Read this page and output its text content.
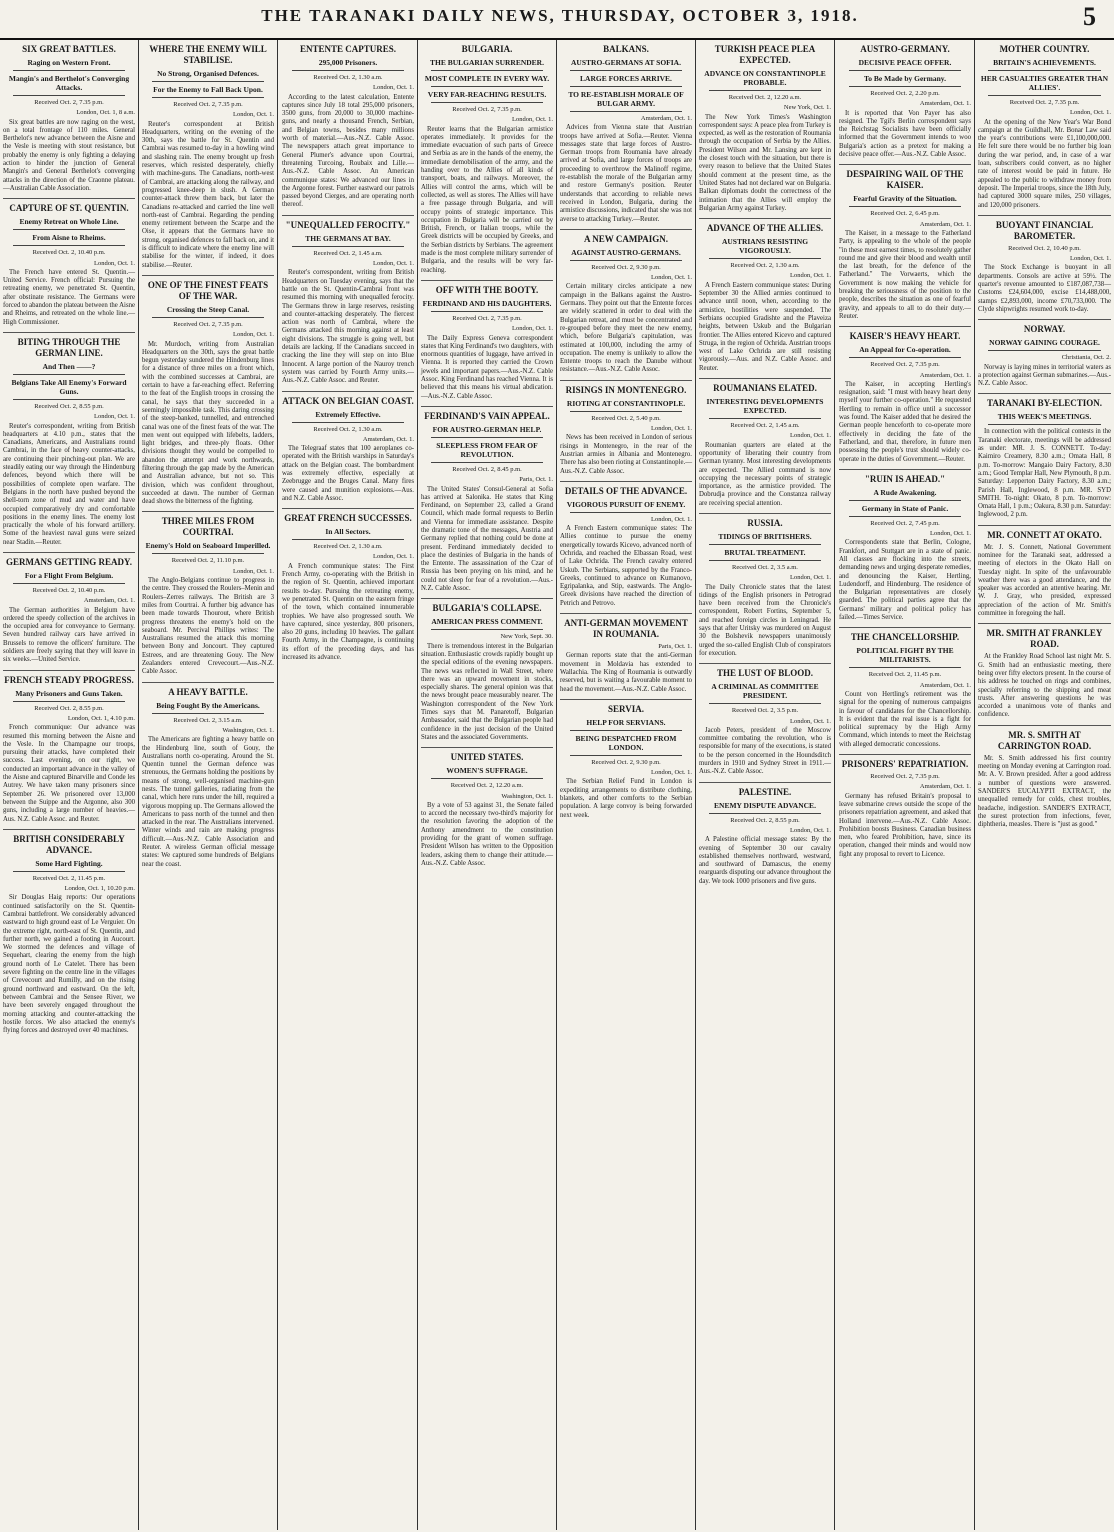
THE TARANAKI DAILY NEWS, THURSDAY, OCTOBER 3, 1918.	5
SIX GREAT BATTLES.
Raging on Western Front.
Mangin's and Berthelot's Converging Attacks.
Received Oct. 2, 7.35 p.m.
London, Oct. 1, 8 a.m.

Six great battles are now raging on the west, on a total frontage of 110 miles. General Berthelot's new advance between the Aisne and the Vesle is meeting with stout resistance, but probably the enemy is only fighting a delaying action to hinder the junction of General Mangin's and General Berthelot's converging attacks in the direction of the Craonne plateau.—Australian Cable Association.

CAPTURE OF ST. QUENTIN.
Enemy Retreat on Whole Line.
From Aisne to Rheims.
Received Oct. 2, 10.40 p.m.
London, Oct. 1.

The French have entered St. Quentin.—United Service. French official: Pursuing the retreating enemy, we penetrated St. Quentin, after obstinate resistance. The Germans were forced to abandon the plateau between the Aisne and Rheims, and retreated on the whole line.—High Commissioner.

BITING THROUGH THE GERMAN LINE.
And Then ——?
Belgians Take All Enemy's Forward Guns.
Received Oct. 2, 8.55 p.m.
London, Oct. 1.

Reuter's correspondent, writing from British headquarters at 4.10 p.m., states that the Canadians, Americans, and Australians round Cambrai, in the face of heavy counter-attacks, are continuing their pinching-out plan. We are steadily eating our way through the Hindenburg defences, beyond which there will be possibilities of complete open warfare. The Belgians in the north have pushed beyond the shell-torn zone of mud and water and have occupied comparatively dry and comfortable positions in the enemy lines. The enemy lost practically the whole of his forward artillery. Some of the heaviest naval guns were seized near Stadin.—Reuter.

GERMANS GETTING READY.
For a Flight From Belgium.
Received Oct. 2, 10.40 p.m.
Amsterdam, Oct. 1.

The German authorities in Belgium have ordered the speedy collection of the archives in the occupied area for conveyance to Germany. Seven hundred railway cars have arrived in Brussels to remove the officers' furniture. The soldiers are freely saying that they will leave in six weeks.—United Service.

FRENCH STEADY PROGRESS.
Many Prisoners and Guns Taken.
Received Oct. 2, 8.55 p.m.
London, Oct. 1, 4.10 p.m.

French communique: Our advance was resumed this morning between the Aisne and the Vesle. In the Champagne our troops, pursuing their attacks, have completed their success. Last evening, on our right, we conducted an important advance in the valley of the Aisne and captured Binarville and Conde les Autrey. We have taken many prisoners since September 26. We prisonered over 13,000 between the Suippe and the Argonne, also 300 guns, including a large number of heavies.—Aus. N.Z. Cable Assoc. and Reuter.

BRITISH CONSIDERABLY ADVANCE.
Some Hard Fighting.
Received Oct. 2, 11.45 p.m.
London, Oct. 1, 10.20 p.m.

Sir Douglas Haig reports: Our operations continued satisfactorily on the St. Quentin-Cambrai battlefront. We considerably advanced eastward to high ground east of Le Verguier. On the extreme right, north-east of St. Quentin, and further north, we gained a footing in Aucourt. We stormed the defences and village of Sequehart, clearing the enemy from the high ground north of Le Catelet. There has been severe fighting on the centre line in the villages of Crevecourt and Rumilly, and on the rising ground northward and eastward. On the left, between Cambrai and the Sensee River, we have been severely engaged throughout the morning attacking and counter-attacking the hostile forces. We also attacked the enemy's flying forces and destroyed over 40 machines.

WHERE THE ENEMY WILL STABILISE.
No Strong, Organised Defences.
For the Enemy to Fall Back Upon.
Received Oct. 2, 7.35 p.m.
London, Oct. 1.

Reuter's correspondent at British Headquarters, writing on the evening of the 30th, says the battle for St. Quentin and Cambrai was resumed to-day in a howling wind and slashing rain. The enemy brought up fresh reserves, which resisted desperately, chiefly with machine-guns. The Canadians, north-west of Cambrai, are attacking along the railway, and progressed knee-deep in slush. A German counter-attack threw them back, but later the Canadians re-attacked and carried the line well north-east of Cambrai. Regarding the pending enemy retirement between the Scarpe and the Oise, it appears that the Germans have no strong, organised defences to fall back on, and it is difficult to indicate where the enemy line will stabilise for the winter, if indeed, it does stabilise.—Reuter.

ONE OF THE FINEST FEATS OF THE WAR.
Crossing the Steep Canal.
Received Oct. 2, 7.35 p.m.
London, Oct. 1.

Mr. Murdoch, writing from Australian Headquarters on the 30th, says the great battle begun yesterday sundered the Hindenburg lines for a distance of three miles on a front which, with the combined successes at Cambrai, are certain to have a far-reaching effect. Referring to the feat of the English troops in crossing the canal, he says that they succeeded in a seemingly impossible task. This daring crossing of the steep-banked, tunnelled, and entrenched canal was one of the finest feats of the war. The men went out equipped with lifebelts, ladders, light bridges, and three-ply floats. Other divisions thought they would be compelled to abandon the attempt and work northwards, filtering through the gap made by the American and Australian advance, but not so. This division, which was confident throughout, succeeded at dawn. The number of German dead shows the bitterness of the fighting.

THREE MILES FROM COURTRAI.
Enemy's Hold on Seaboard Imperilled.
Received Oct. 2, 11.10 p.m.
London, Oct. 1.

The Anglo-Belgians continue to progress in the centre. They crossed the Roulers–Menin and Roulers–Zerres railways. The British are 3 miles from Courtrai. A further big advance has been made towards Thourout, where British progress threatens the enemy's hold on the seaboard. Mr. Percival Phillips writes: The Australians resumed the attack this morning between Bony and Joncourt. They captured Estrees, and are threatening Gouy. The New Zealanders entered Crevecourt.—Aus.-N.Z. Cable Assoc.

A HEAVY BATTLE.
Being Fought By the Americans.
Received Oct. 2, 3.15 a.m.
Washington, Oct. 1.

The Americans are fighting a heavy battle on the Hindenburg line, south of Gouy, the Australians north co-operating. Around the St. Quentin tunnel the German defence was strenuous, the Germans holding the positions by means of strong, well-organised machine-gun nests. The tunnel galleries, radiating from the canal, which here runs under the hill, required a vigorous mopping up. The Germans allowed the Americans to pass north of the tunnel and then attacked in the rear. The Australians intervened. Winter winds and rain are making progress difficult.—Aus.-N.Z. Cable Association and Reuter. A wireless German official message states: We captured some hundreds of Belgians near the coast.

ENTENTE CAPTURES.
295,000 Prisoners.
Received Oct. 2, 1.30 a.m.
London, Oct. 1.

According to the latest calculation, Entente captures since July 18 total 295,000 prisoners, 3500 guns, from 20,000 to 30,000 machine-guns, and nearly a thousand French, Serbian, and Belgian towns, besides many millions worth of material.—Aus.-N.Z. Cable Assoc. The newspapers attach great importance to General Plumer's advance upon Courtrai, threatening Turcoing, Roubaix and Lille.—Aus.-N.Z. Cable Assoc. An American communique states: We advanced our lines in the Argonne forest. Further eastward our patrols passed beyond Cierges, and are operating north thereof.

"UNEQUALLED FEROCITY."
THE GERMANS AT BAY.
Received Oct. 2, 1.45 a.m.
London, Oct. 1.

Reuter's correspondent, writing from British Headquarters on Tuesday evening, says that the battle on the St. Quentin-Cambrai front was resumed this morning with unequalled ferocity. The Germans threw in large reserves, resisting and counter-attacking desperately. The fiercest action was north of Cambrai, where the Germans attacked this morning against at least eight divisions. The struggle is going well, but details are lacking. If the Canadians succeed in cracking the line they will step on into Blue Innocent. A large portion of the Nauroy trench system was carried by Fourth Army units.—Aus.-N.Z. Cable Assoc. and Reuter.

ATTACK ON BELGIAN COAST.
Extremely Effective.
Received Oct. 2, 1.30 a.m.
Amsterdam, Oct. 1.

The Telegraaf states that 100 aeroplanes co-operated with the British warships in Saturday's attack on the Belgian coast. The bombardment was extremely effective, especially at Zeebrugge and the Bruges Canal. Many fires were caused and munition explosions.—Aus. and N.Z. Cable Assoc.

GREAT FRENCH SUCCESSES.
In All Sectors.
Received Oct. 2, 1.30 a.m.
London, Oct. 1.

A French communique states: The First French Army, co-operating with the British in the region of St. Quentin, achieved important results to-day. Pursuing the retreating enemy, we penetrated St. Quentin on the eastern fringe of the town, which contained innumerable trophies. We have also progressed south. We have captured, since yesterday, 800 prisoners, also 20 guns, including 10 heavies. The gallant Fourth Army, in the Champagne, is continuing its effort of the preceding days, and has increased its advance.

BULGARIA.
THE BULGARIAN SURRENDER.
MOST COMPLETE IN EVERY WAY.
VERY FAR-REACHING RESULTS.
Received Oct. 2, 7.35 p.m.
London, Oct. 1.

Reuter learns that the Bulgarian armistice operates immediately. It provides for the immediate evacuation of such parts of Greece and Serbia as are in the hands of the enemy, the immediate demobilisation of the army, and the handing over to the Allies of all kinds of transport, boats, and railways. Moreover, the Allies will control the arms, which will be collected, as well as stores. The Allies will have a free passage through Bulgaria, and will occupy points of strategic importance. This occupation in Bulgaria will be carried out by British, French, or Italian troops, while the Greek districts will be occupied by Greeks, and the Serbian districts by Serbians. The agreement made is the most complete military surrender of Bulgaria, and the results will be very far-reaching.

OFF WITH THE BOOTY.
FERDINAND AND HIS DAUGHTERS.
Received Oct. 2, 7.35 p.m.
London, Oct. 1.

The Daily Express Geneva correspondent states that King Ferdinand's two daughters, with enormous quantities of luggage, have arrived in Vienna. It is reported they carried the Crown jewels and important papers.—Aus.-N.Z. Cable Assoc. King Ferdinand has reached Vienna. It is believed that this means his virtual abdication.—Aus.-N.Z. Cable Assoc.

FERDINAND'S VAIN APPEAL.
FOR AUSTRO-GERMAN HELP.
SLEEPLESS FROM FEAR OF REVOLUTION.
Received Oct. 2, 8.45 p.m.
Paris, Oct. 1.

The United States' Consul-General at Sofia has arrived at Salonika. He states that King Ferdinand, on September 23, called a Grand Council, which made formal requests to Berlin and Vienna for immediate assistance. Despite the dramatic tone of the messages, Austria and Germany replied that nothing could be done at present. Ferdinand immediately decided to place the destinies of Bulgaria in the hands of the Entente. The assassination of the Czar of Russia has been preying on his mind, and he could not sleep for fear of a revolution.—Aus.-N.Z. Cable Assoc.

BULGARIA'S COLLAPSE.
AMERICAN PRESS COMMENT.
New York, Sept. 30.

There is tremendous interest in the Bulgarian situation. Enthusiastic crowds rapidly bought up the special editions of the evening newspapers. The news was reflected in Wall Street, where there was an upward movement in stocks, especially shares. The general opinion was that the news brought peace measurably nearer. The Washington correspondent of the New York Times says that M. Panaretoff, Bulgarian Ambassador, said that the Bulgarian people had confidence in the just decision of the United States and the associated Governments.

UNITED STATES.
WOMEN'S SUFFRAGE.
Received Oct. 2, 12.20 a.m.
Washington, Oct. 1.

By a vote of 53 against 31, the Senate failed to accord the necessary two-third's majority for the resolution favoring the adoption of the Anthony amendment to the constitution providing for the grant of women suffrage. President Wilson has written to the Opposition leaders, asking them to change their attitude.—Aus.-N.Z. Cable Assoc.

BALKANS.
AUSTRO-GERMANS AT SOFIA.
LARGE FORCES ARRIVE.
TO RE-ESTABLISH MORALE OF BULGAR ARMY.
Amsterdam, Oct. 1.

Advices from Vienna state that Austrian troops have arrived at Sofia.—Reuter. Vienna messages state that large forces of Austro-German troops from Roumania have already arrived at Sofia, and large forces of troops are proceeding to overthrow the Malinoff regime, re-establish the morale of the Bulgarian army and restore Germany's position. Reuter understands that according to reliable news received in London, Bulgaria, during the armistice discussions, indicated that she was not averse to attacking Turkey.—Reuter.

A NEW CAMPAIGN.
AGAINST AUSTRO-GERMANS.
Received Oct. 2, 9.30 p.m.
London, Oct. 1.

Certain military circles anticipate a new campaign in the Balkans against the Austro-Germans. They point out that the Entente forces are widely scattered in order to deal with the Bulgarian retreat, and must be concentrated and re-grouped before they meet the new enemy, which, before Bulgaria's capitulation, was estimated at 100,000, including the army of occupation. The enemy is unlikely to allow the Entente troops to reach the Danube without resistance.—Aus.-N.Z. Cable Assoc.

RISINGS IN MONTENEGRO.
RIOTING AT CONSTANTINOPLE.
Received Oct. 2, 5.40 p.m.
London, Oct. 1.

News has been received in London of serious risings in Montenegro, in the rear of the Austrian armies in Albania and Montenegro. There has also been rioting at Constantinople.—Aus.-N.Z. Cable Assoc.

DETAILS OF THE ADVANCE.
VIGOROUS PURSUIT OF ENEMY.
London, Oct. 1.

A French Eastern communique states: The Allies continue to pursue the enemy energetically towards Kicevo, advanced north of Ochrida, and reached the Elbassan Road, west of Lake Ochrida. The French cavalry entered Uskub. The Serbians, supported by the Franco-Greeks, continued to advance on Kumanovo, Egripalanka, and Stip, eastwards. The Anglo-Greek divisions have reached the direction of Petrich and Petrovo.

ANTI-GERMAN MOVEMENT IN ROUMANIA.
Paris, Oct. 1.

German reports state that the anti-German movement in Moldavia has extended to Wallachia. The King of Roumania is outwardly reserved, but is waiting a favourable moment to head the movement.—Aus.-N.Z. Cable Assoc.

SERVIA.
HELP FOR SERVIANS.
BEING DESPATCHED FROM LONDON.
Received Oct. 2, 9.30 p.m.
London, Oct. 1.

The Serbian Relief Fund in London is expediting arrangements to distribute clothing, blankets, and other comforts to the Serbian population. A large convoy is being forwarded next week.

TURKISH PEACE PLEA EXPECTED.
ADVANCE ON CONSTANTINOPLE PROBABLE.
Received Oct. 2, 12.20 a.m.
New York, Oct. 1.

The New York Times's Washington correspondent says: A peace plea from Turkey is expected, as well as the restoration of Roumania through the occupation of Serbia by the Allies. President Wilson and Mr. Lansing are kept in the closest touch with the situation, but there is every reason to believe that the United States should comment at the present time, as the United States had not declared war on Bulgaria. Balkan diplomats doubt the correctness of the intimation that the Allies will employ the Bulgarian Army against Turkey.

ADVANCE OF THE ALLIES.
AUSTRIANS RESISTING VIGOROUSLY.
Received Oct. 2, 1.30 a.m.
London, Oct. 1.

A French Eastern communique states: During September 30 the Allied armies continued to advance until noon, when, according to the armistice, hostilities were suspended. The Serbians occupied Gradishte and the Plaveiza heights, between Uskub and the Bulgarian frontier. The Allies entered Kicevo and captured Struga, in the region of Ochrida. Austrian troops west of Lake Ochrida are still resisting vigorously.—Aus. and N.Z. Cable Assoc. and Reuter.

ROUMANIANS ELATED.
INTERESTING DEVELOPMENTS EXPECTED.
Received Oct. 2, 1.45 a.m.
London, Oct. 1.

Roumanian quarters are elated at the opportunity of liberating their country from German tyranny. Most interesting developments are expected. The Allied command is now occupying the necessary points of strategic importance, as the armistice provided. The Dobrudja province and the Constanza railway are receiving special attention.

RUSSIA.
TIDINGS OF BRITISHERS.
BRUTAL TREATMENT.
Received Oct. 2, 3.5 a.m.
London, Oct. 1.

The Daily Chronicle states that the latest tidings of the English prisoners in Petrograd have been received from the Chronicle's correspondent, Robert Fortins, September 5, and reached foreign circles in Leningrad. He says that after Uritsky was murdered on August 30 the Bolshevik newspapers unanimously urged the so-called English Club of conspirators for execution.

THE LUST OF BLOOD.
A CRIMINAL AS COMMITTEE PRESIDENT.
Received Oct. 2, 3.5 p.m.
London, Oct. 1.

Jacob Peters, president of the Moscow committee combating the revolution, who is responsible for many of the executions, is stated to be the person concerned in the Houndsditch murders in 1910 and Sydney Street in 1911.—Aus.-N.Z. Cable Assoc.

PALESTINE.
ENEMY DISPUTE ADVANCE.
Received Oct. 2, 8.55 p.m.
London, Oct. 1.

A Palestine official message states: By the evening of September 30 our cavalry established themselves northward, westward, and southward of Damascus, the enemy rearguards disputing our advance throughout the day. We took 1000 prisoners and five guns.

AUSTRO-GERMANY.
DECISIVE PEACE OFFER.
To Be Made by Germany.
Received Oct. 2, 2.20 p.m.
Amsterdam, Oct. 1.

It is reported that Von Payer has also resigned. The Tgil's Berlin correspondent says the Reichstag Socialists have been officially informed that the Government intends to woo Bulgaria's action as a pretext for making a decisive peace offer.—Aus.-N.Z. Cable Assoc.

DESPAIRING WAIL OF THE KAISER.
Fearful Gravity of the Situation.
Received Oct. 2, 6.45 p.m.
Amsterdam, Oct. 1.

The Kaiser, in a message to the Fatherland Party, is appealing to the whole of the people "in these most earnest times, to resolutely gather round me and give their blood and wealth until the last breath, for the defence of the Fatherland." The Vorwaerts, which the Government is now making the vehicle for breaking the seriousness of the position to the people, describes the situation as one of fearful gravity, and appeals to all to do their duty.—Reuter.

KAISER'S HEAVY HEART.
An Appeal for Co-operation.
Received Oct. 2, 7.35 p.m.
Amsterdam, Oct. 1.

The Kaiser, in accepting Hertling's resignation, said: "I must with heavy heart deny myself your further co-operation." He requested Hertling to remain in office until a successor was found. The Kaiser added that he desired the German people henceforth to co-operate more effectively in deciding the fate of the Fatherland, and that, therefore, in future men possessing the people's trust should widely co-operate in the duties of Government.—Reuter.

"RUIN IS AHEAD."
A Rude Awakening.
Germany in State of Panic.
Received Oct. 2, 7.45 p.m.
London, Oct. 1.

Correspondents state that Berlin, Cologne, Frankfort, and Stuttgart are in a state of panic. All classes are flocking into the streets, demanding news and urging desperate remedies, and denouncing the Kaiser, Hertling, Ludendorff, and Hindenburg. The residence of the Bulgarian representatives are closely guarded. The political parties agree that the Germans' military and political policy has failed.—Times Service.

THE CHANCELLORSHIP.
POLITICAL FIGHT BY THE MILITARISTS.
Received Oct. 2, 11.45 p.m.
Amsterdam, Oct. 1.

Count von Hertling's retirement was the signal for the opening of numerous campaigns in favour of candidates for the Chancellorship. It is evident that the real issue is a fight for political supremacy by the High Army Command, which intends to meet the Reichstag with alleged democratic concessions.

PRISONERS' REPATRIATION.
Received Oct. 2, 7.35 p.m.
Amsterdam, Oct. 1.

Germany has refused Britain's proposal to leave submarine crews outside the scope of the prisoners repatriation agreement, and asked that Holland intervene.—Aus.-N.Z. Cable Assoc. Prohibition boosts Business. Canadian business men, who feared Prohibition, have, since its operation, changed their minds and would now fight any proposal to revert to Licence.

MOTHER COUNTRY.
BRITAIN'S ACHIEVEMENTS.
HER CASUALTIES GREATER THAN ALLIES'.
Received Oct. 2, 7.35 p.m.
London, Oct. 1.

At the opening of the New Year's War Bond campaign at the Guildhall, Mr. Bonar Law said the year's contributions were £1,100,000,000. He felt sure there would be no further big loan during the war period, and, in case of a war loan, subscribers could convert, as no higher rate of interest would be paid in future. He appealed to the public to withdraw money from deposit. The Imperial troops, since the 18th July, had captured 3000 square miles, 250 villages, and 120,000 prisoners.

BUOYANT FINANCIAL BAROMETER.
Received Oct. 2, 10.40 p.m.
London, Oct. 1.

The Stock Exchange is buoyant in all departments. Consols are active at 59½. The quarter's revenue amounted to £187,087,738—Customs £24,604,000, excise £14,488,000, stamps £2,893,000, income £70,733,000. The Clyde shipwrights resumed work to-day.

NORWAY.
NORWAY GAINING COURAGE.
Christiania, Oct. 2.

Norway is laying mines in territorial waters as a protection against German submarines.—Aus.-N.Z. Cable Assoc.

TARANAKI BY-ELECTION.
THIS WEEK'S MEETINGS.

In connection with the political contests in the Taranaki electorate, meetings will be addressed as under: MR. J. S. CONNETT. To-day: Kaimiro Creamery, 8.30 a.m.; Omata Hall, 8 p.m. To-morrow: Mangaio Dairy Factory, 8.30 a.m.; Good Templar Hall, New Plymouth, 8 p.m. Saturday: Lepperton Dairy Factory, 8.30 a.m.; Parish Hall, Inglewood, 8 p.m. MR. SYD SMITH. To-night: Okato, 8 p.m. To-morrow: Omata Hall, 1 p.m.; Oakura, 8.30 p.m. Saturday: Inglewood, 2 p.m.

MR. CONNETT AT OKATO.

Mr. J. S. Connett, National Government nominee for the Taranaki seat, addressed a meeting of electors in the Okato Hall on Tuesday night. In spite of the unfavourable weather there was a good attendance, and the speaker was accorded an attentive hearing. Mr. W. J. Gray, who presided, expressed appreciation of the action of Mr. Smith's committee in foregoing the hall.

MR. SMITH AT FRANKLEY ROAD.

At the Frankley Road School last night Mr. S. G. Smith had an enthusiastic meeting, there being over fifty electors present. In the course of his address he touched on rings and combines, specially referring to the shipping and meat trusts. After answering questions he was accorded a unanimous vote of thanks and confidence.

MR. S. SMITH AT CARRINGTON ROAD.

Mr. S. Smith addressed his first country meeting on Monday evening at Carrington road. Mr. A. V. Brown presided. After a good address a number of questions were answered. SANDER'S EUCALYPTI EXTRACT, the unequalled remedy for colds, chest troubles, headache, indigestion. SANDER'S EXTRACT, the surest protection from infections, fever, diphtheria, measles. There is "just as good."
